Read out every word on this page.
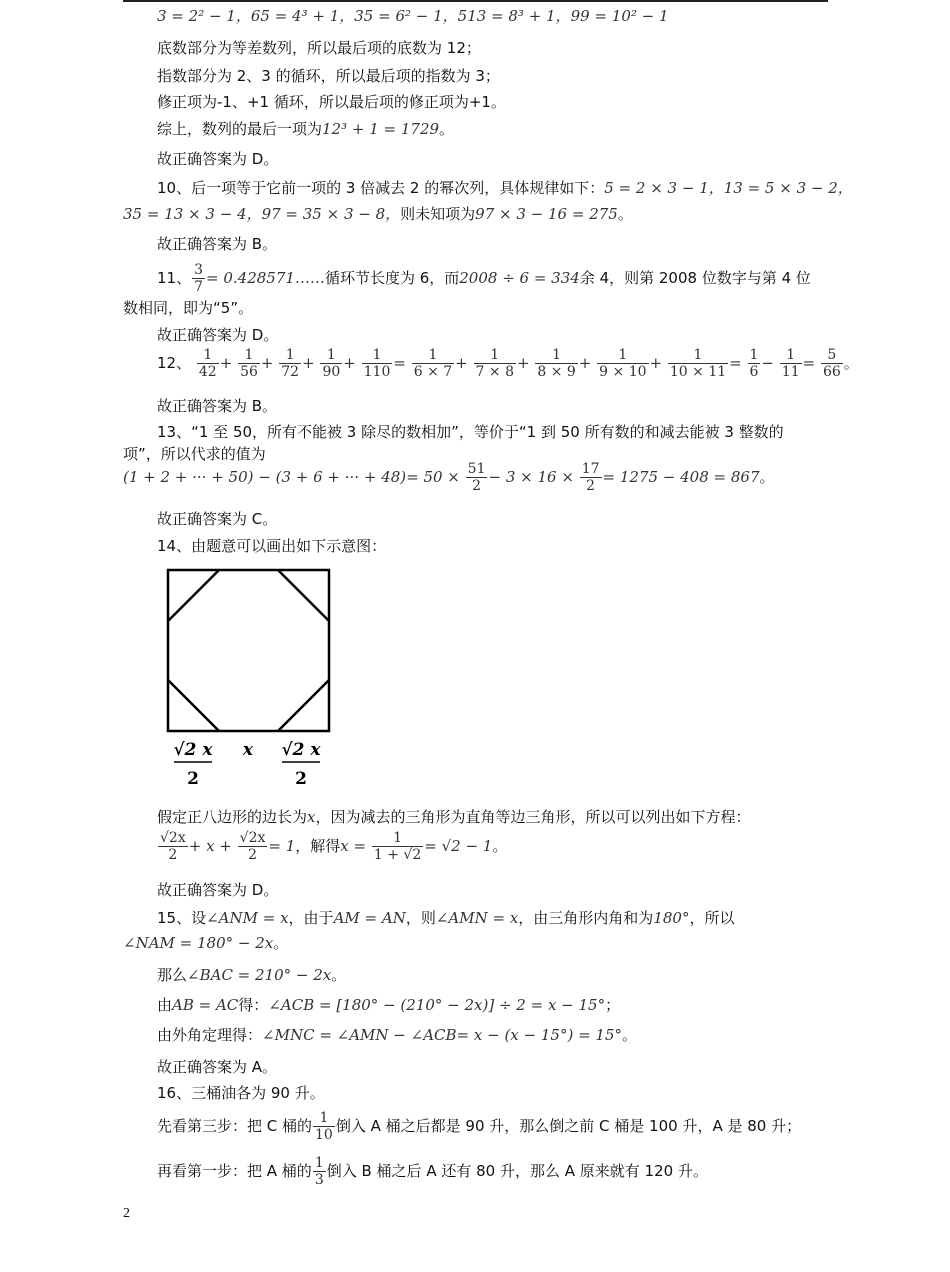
3 = 2² − 1，65 = 4³ + 1，35 = 6² − 1，513 = 8³ + 1，99 = 10² − 1
底数部分为等差数列，所以最后项的底数为 12；
指数部分为 2、3 的循环，所以最后项的指数为 3；
修正项为-1、+1 循环，所以最后项的修正项为+1。
综上，数列的最后一项为12³ + 1 = 1729。
故正确答案为 D。
10、后一项等于它前一项的 3 倍减去 2 的幂次列，具体规律如下：5 = 2 × 3 − 1，13 = 5 × 3 − 2，
35 = 13 × 3 − 4，97 = 35 × 3 − 8，则未知项为97 × 3 − 16 = 275。
故正确答案为 B。
11、 $\frac{3}{7}$ = 0.428571……循环节长度为 6，而2008 ÷ 6 = 334余 4，则第 2008 位数字与第 4 位
数相同，即为“5”。
故正确答案为 D。
12、 $\frac{1}{42} + \frac{1}{56} + \frac{1}{72} + \frac{1}{90} + \frac{1}{110} = \frac{1}{6 \times 7} + \frac{1}{7 \times 8} + \frac{1}{8 \times 9} + \frac{1}{9 \times 10} + \frac{1}{10 \times 11} = \frac{1}{6} - \frac{1}{11} = \frac{5}{66}$ 。
故正确答案为 B。
13、“1 至 50，所有不能被 3 除尽的数相加”，等价于“1 到 50 所有数的和减去能被 3 整数的
项”，所以代求的值为
(1 + 2 + ··· + 50) − (3 + 6 + ··· + $48)= 50 \times \frac{51}{2} - 3 \times 16 \times \frac{17}{2} = 1275 - 408 = 867$。
故正确答案为 C。
14、由题意可以画出如下示意图：
√2 x
2
x √2 x
2
假定正八边形的边长为x，因为减去的三角形为直角等边三角形，所以可以列出如下方程：
$\frac{√2x}{2} + x + \frac{√2x}{2} = 1$，解得$x = \frac{1}{1 + √2} = √2 - 1$。
故正确答案为 D。
15、设∠ANM = x，由于AM = AN，则∠AMN = x，由三角形内角和为180°，所以
∠NAM = 180° − 2x。
那么∠BAC = 210° − 2x。
由AB = AC得：∠ACB = [180° − (210° − 2x)] ÷ 2 = x − 15°；
由外角定理得：∠MNC = ∠AMN − ∠ACB= x − (x − 15°) = 15°。
故正确答案为 A。
16、三桶油各为 90 升。
先看第三步：把 C 桶的 $\frac{1}{10}$ 倒入 A 桶之后都是 90 升，那么倒之前 C 桶是 100 升，A 是 80 升；
再看第一步：把 A 桶的 $\frac{1}{3}$ 倒入 B 桶之后 A 还有 80 升，那么 A 原来就有 120 升。
2
